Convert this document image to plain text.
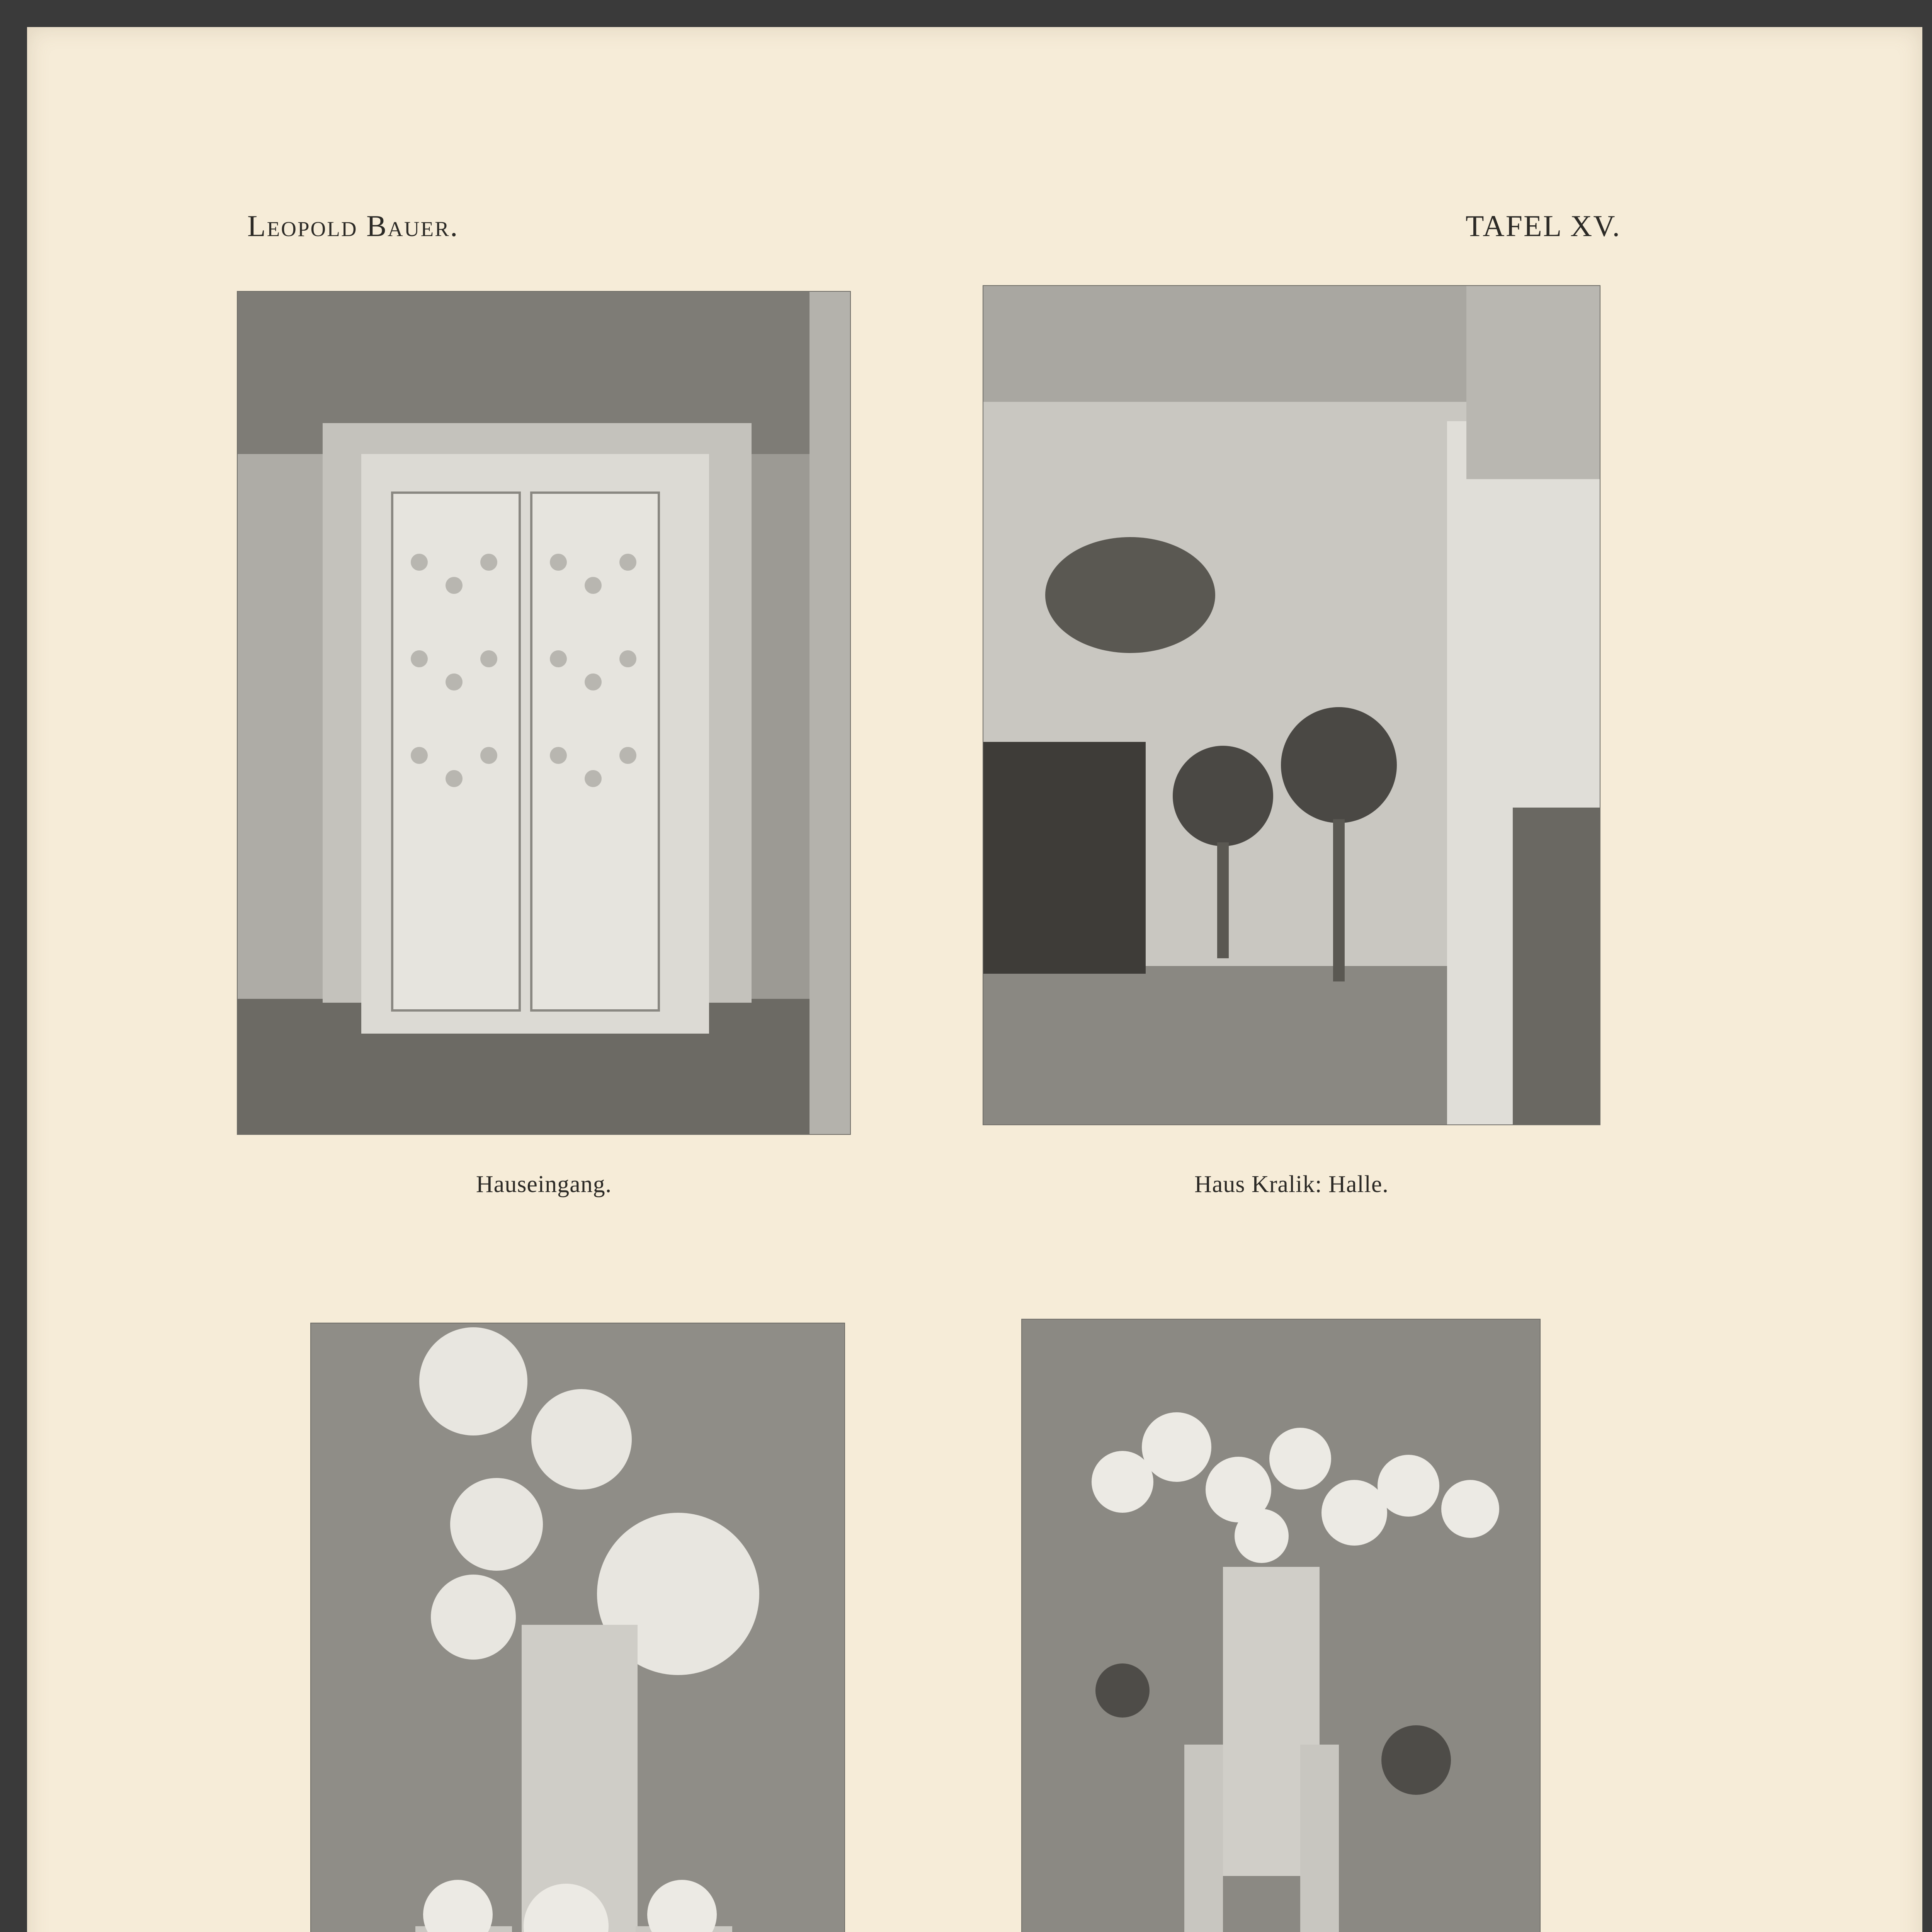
Leopold Bauer.	TAFEL XV.
Hauseingang.	Haus Kralik: Halle.
